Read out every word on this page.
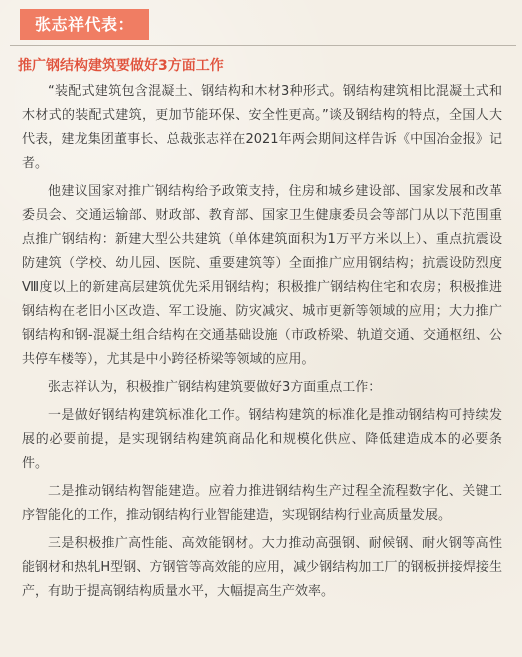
张志祥代表：
推广钢结构建筑要做好3方面工作

“装配式建筑包含混凝土、钢结构和木材3种形式。钢结构建筑相比混凝土式和木材式的装配式建筑，更加节能环保、安全性更高。”谈及钢结构的特点，全国人大代表，建龙集团董事长、总裁张志祥在2021年两会期间这样告诉《中国冶金报》记者。

他建议国家对推广钢结构给予政策支持，住房和城乡建设部、国家发展和改革委员会、交通运输部、财政部、教育部、国家卫生健康委员会等部门从以下范围重点推广钢结构：新建大型公共建筑（单体建筑面积为1万平方米以上）、重点抗震设防建筑（学校、幼儿园、医院、重要建筑等）全面推广应用钢结构；抗震设防烈度Ⅷ度以上的新建高层建筑优先采用钢结构；积极推广钢结构住宅和农房；积极推进钢结构在老旧小区改造、军工设施、防灾减灾、城市更新等领域的应用；大力推广钢结构和钢-混凝土组合结构在交通基础设施（市政桥梁、轨道交通、交通枢纽、公共停车楼等），尤其是中小跨径桥梁等领域的应用。

张志祥认为，积极推广钢结构建筑要做好3方面重点工作：

一是做好钢结构建筑标准化工作。钢结构建筑的标准化是推动钢结构可持续发展的必要前提，是实现钢结构建筑商品化和规模化供应、降低建造成本的必要条件。

二是推动钢结构智能建造。应着力推进钢结构生产过程全流程数字化、关键工序智能化的工作，推动钢结构行业智能建造，实现钢结构行业高质量发展。

三是积极推广高性能、高效能钢材。大力推动高强钢、耐候钢、耐火钢等高性能钢材和热轧H型钢、方钢管等高效能的应用，减少钢结构加工厂的钢板拼接焊接生产，有助于提高钢结构质量水平，大幅提高生产效率。
